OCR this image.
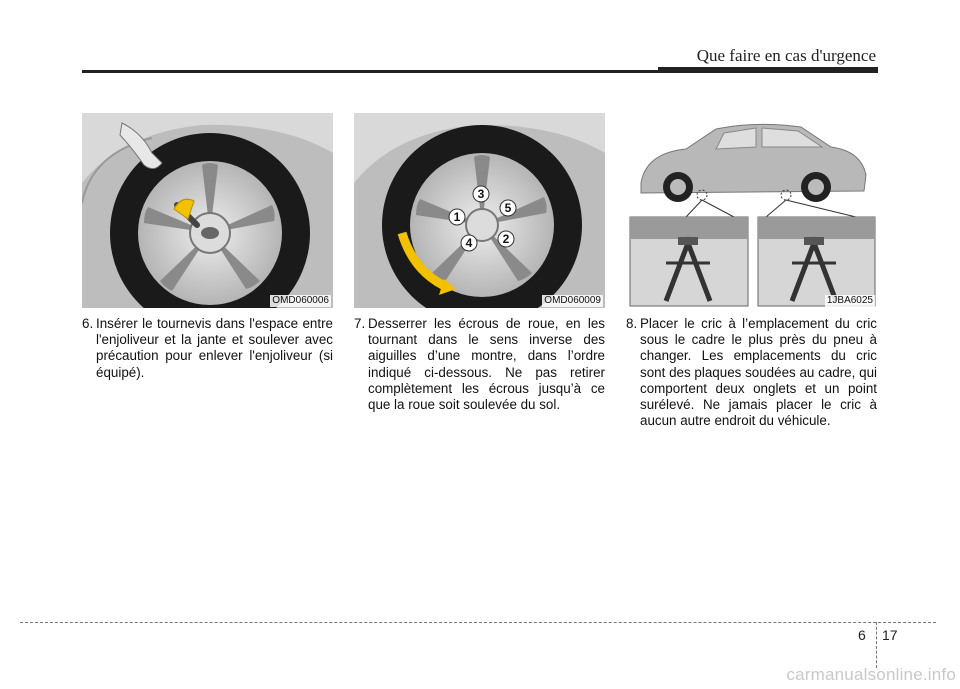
Que faire en cas d'urgence
OMD060006
1
2
3
4
5
OMD060009	1JBA6025
6. Insérer le tournevis dans l'espace entre l'enjoliveur et la jante et soulever avec précaution pour enlever l'enjoliveur (si équipé).
7. Desserrer les écrous de roue, en les tournant dans le sens inverse des aiguilles d’une montre, dans l’ordre indiqué ci-dessous. Ne pas retirer complètement les écrous jusqu’à ce que la roue soit soulevée du sol.
8. Placer le cric à l’emplacement du cric sous le cadre le plus près du pneu à changer. Les emplacements du cric sont des plaques soudées au cadre, qui comportent deux onglets et un point surélevé. Ne jamais placer le cric à aucun autre endroit du véhicule.
6 17
carmanualsonline.info
